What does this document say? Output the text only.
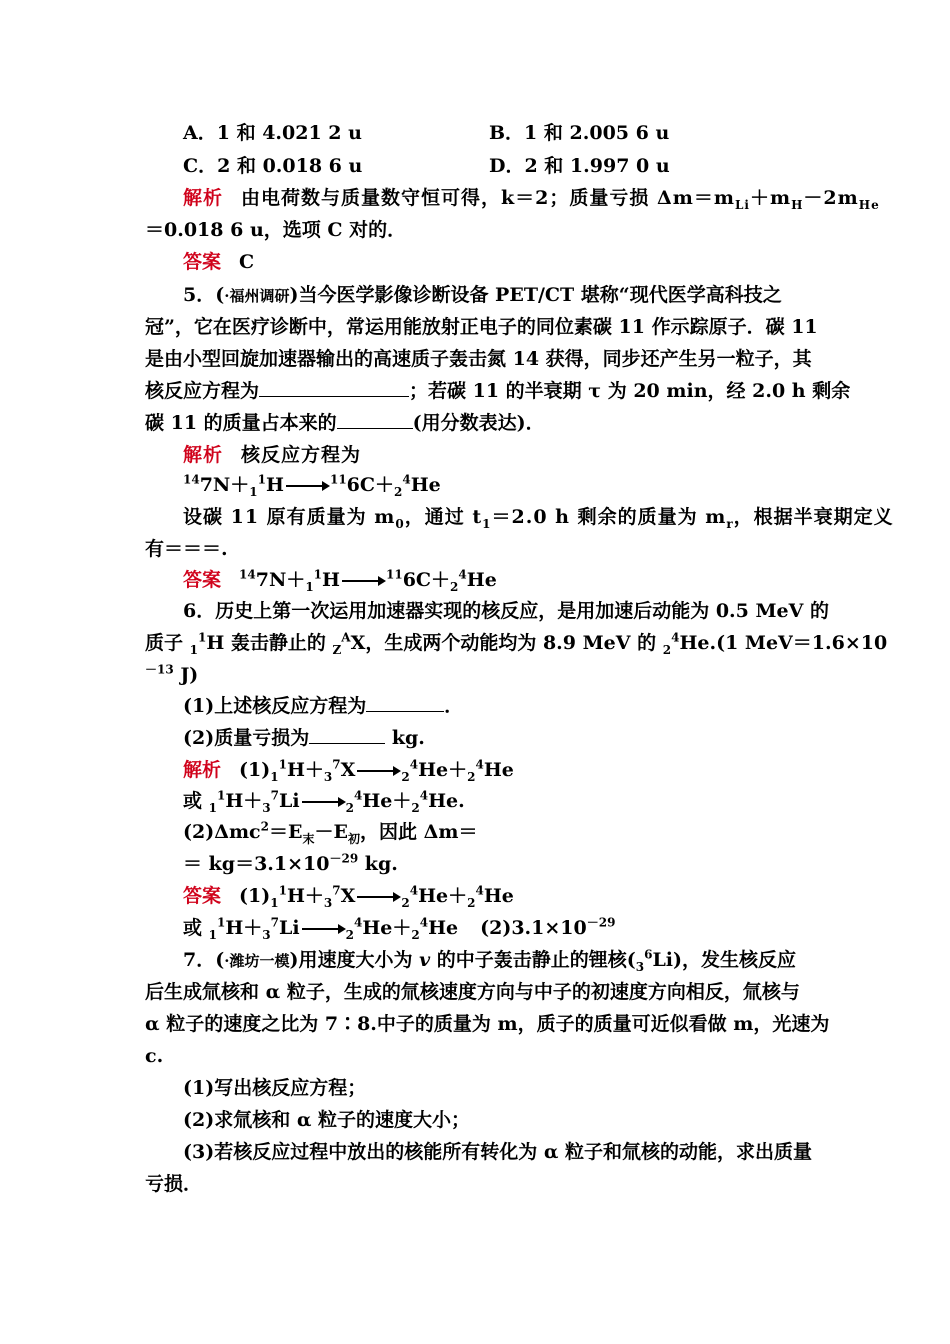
A．1 和 4.021 2 u	B．1 和 2.005 6 u
C．2 和 0.018 6 u	D．2 和 1.997 0 u
解析 由电荷数与质量数守恒可得，k＝2；质量亏损 $\Delta m=m_{Li}+m_H-2m_{He}$
＝0.018 6 u，选项 C 对的．
答案 C
5．(·福州调研)当今医学影像诊断设备 PET/CT 堪称“现代医学高科技之
冠”，它在医疗诊断中，常运用能放射正电子的同位素碳 11 作示踪原子．碳 11
是由小型回旋加速器输出的高速质子轰击氮 14 获得，同步还产生另一粒子，其
核反应方程为	；若碳 11 的半衰期 τ 为 20 min，经 2.0 h 剩余
碳 11 的质量占本来的	(用分数表达)．
解析 核反应方程为
$^{14}7N+_1^1H$	$^{11}6C+_2^4He$
设碳 11 原有质量为 $m_0$，通过 $t_1=2.0$ h 剩余的质量为 $m_r$，根据半衰期定义
有＝＝＝.
答案 $^{14}7N+_1^1H$	$^{11}6C+_2^4He$
6．历史上第一次运用加速器实现的核反应，是用加速后动能为 0.5 MeV 的
质子 $_1^1$H 轰击静止的 $_Z^A$X，生成两个动能均为 8.9 MeV 的 $_2^4$He.(1 MeV＝1.6×10
$^{-13}$ J)
(1)上述核反应方程为	．
(2)质量亏损为	kg.
解析 $(1)_1^1H+_3^7X$	$_2^4He+_2^4He$
或 $_1^1H+_3^7Li$	$_2^4He+_2^4He$.
$(2)\Delta mc^2=E_末-E_初$，因此 Δm＝
＝ $kg=3.1\times 10^{-29}$ kg.
答案 $(1)_1^1H+_3^7X$	$_2^4He+_2^4He$
或 $_1^1H+_3^7Li$	$_2^4He+_2^4He$ $(2)3.1\times 10^{-29}$
7．(·潍坊一模)用速度大小为 v 的中子轰击静止的锂核$(_3^6Li)$，发生核反应
后生成氚核和 α 粒子，生成的氚核速度方向与中子的初速度方向相反，氚核与
α 粒子的速度之比为 7∶8.中子的质量为 m，质子的质量可近似看做 m，光速为
c.
(1)写出核反应方程；
(2)求氚核和 α 粒子的速度大小；
(3)若核反应过程中放出的核能所有转化为 α 粒子和氚核的动能，求出质量
亏损．
